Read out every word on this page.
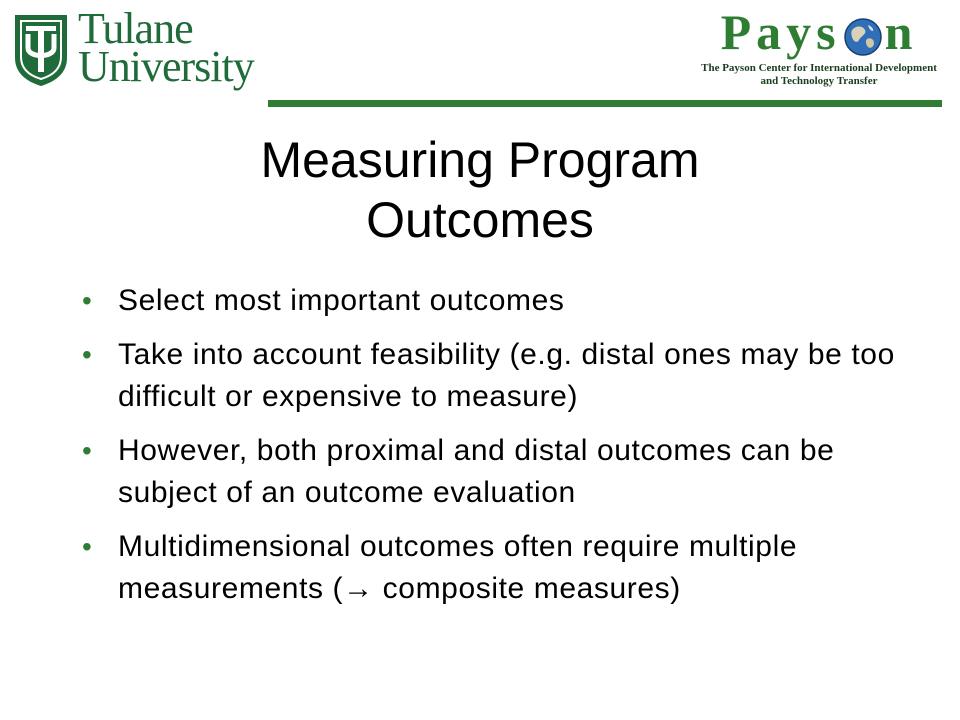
Tulane
University
Pays n
The Payson Center for International Development
and Technology Transfer
Measuring Program
Outcomes
• Select most important outcomes
• Take into account feasibility (e.g. distal ones may be too difficult or expensive to measure)
• However, both proximal and distal outcomes can be subject of an outcome evaluation
• Multidimensional outcomes often require multiple measurements (→ composite measures)
